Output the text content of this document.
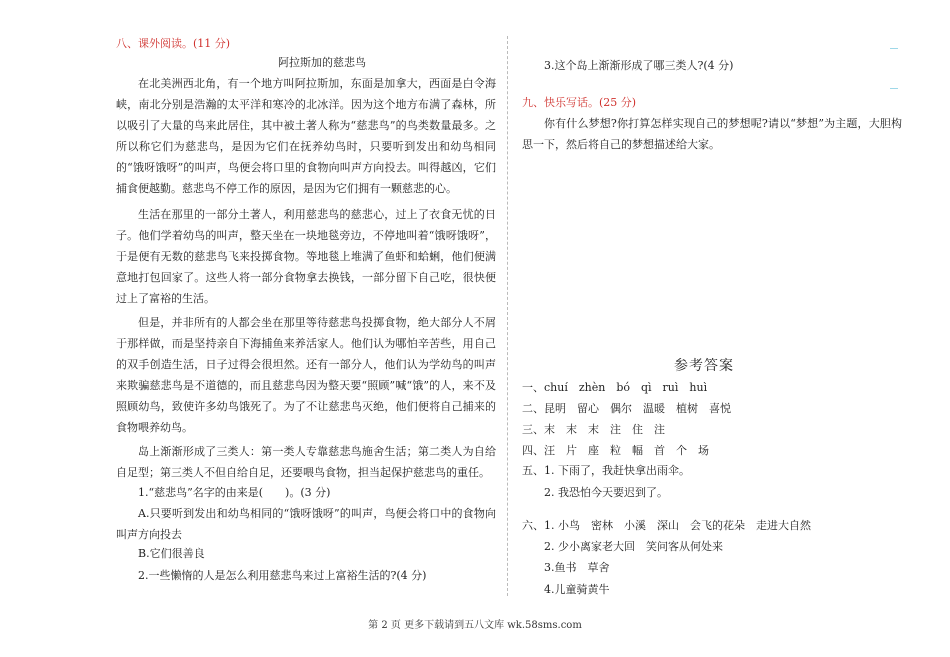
八、课外阅读。(11 分)
阿拉斯加的慈悲鸟
在北美洲西北角，有一个地方叫阿拉斯加，东面是加拿大，西面是白令海峡，南北分别是浩瀚的太平洋和寒冷的北冰洋。因为这个地方布满了森林，所以吸引了大量的鸟来此居住，其中被土著人称为“慈悲鸟”的鸟类数量最多。之所以称它们为慈悲鸟，是因为它们在抚养幼鸟时，只要听到发出和幼鸟相同的“饿呀饿呀”的叫声，鸟便会将口里的食物向叫声方向投去。叫得越凶，它们捕食便越勤。慈悲鸟不停工作的原因，是因为它们拥有一颗慈悲的心。
生活在那里的一部分土著人，利用慈悲鸟的慈悲心，过上了衣食无忧的日子。他们学着幼鸟的叫声，整天坐在一块地毯旁边，不停地叫着“饿呀饿呀”，于是便有无数的慈悲鸟飞来投掷食物。等地毯上堆满了鱼虾和蛤蜊，他们便满意地打包回家了。这些人将一部分食物拿去换钱，一部分留下自己吃，很快便过上了富裕的生活。
但是，并非所有的人都会坐在那里等待慈悲鸟投掷食物，绝大部分人不屑于那样做，而是坚持亲自下海捕鱼来养活家人。他们认为哪怕辛苦些，用自己的双手创造生活，日子过得会很坦然。还有一部分人，他们认为学幼鸟的叫声来欺骗慈悲鸟是不道德的，而且慈悲鸟因为整天要“照顾”喊“饿”的人，来不及照顾幼鸟，致使许多幼鸟饿死了。为了不让慈悲鸟灭绝，他们便将自己捕来的食物喂养幼鸟。
岛上渐渐形成了三类人：第一类人专靠慈悲鸟施舍生活；第二类人为自给自足型；第三类人不但自给自足，还要喂鸟食物，担当起保护慈悲鸟的重任。
1.“慈悲鸟”名字的由来是(　　)。(3 分)
A.只要听到发出和幼鸟相同的“饿呀饿呀”的叫声，鸟便会将口中的食物向叫声方向投去
B.它们很善良
2.一些懒惰的人是怎么利用慈悲鸟来过上富裕生活的?(4 分)
3.这个岛上渐渐形成了哪三类人?(4 分)
九、快乐写话。(25 分)
你有什么梦想?你打算怎样实现自己的梦想呢?请以“梦想”为主题，大胆构思一下，然后将自己的梦想描述给大家。
参考答案
一、chuí　zhèn　bó　qì　ruì　huì
二、昆明　留心　偶尔　温暖　植树　喜悦
三、末　末　末　注　住　注
四、汪　片　座　粒　幅　首　个　场
五、1. 下雨了，我赶快拿出雨伞。
2. 我恐怕今天要迟到了。
六、1. 小鸟　密林　小溪　深山　会飞的花朵　走进大自然
2. 少小离家老大回　笑问客从何处来
3.鱼书　草舍
4.儿童骑黄牛
第 2 页 更多下载请到五八文库 wk.58sms.com
